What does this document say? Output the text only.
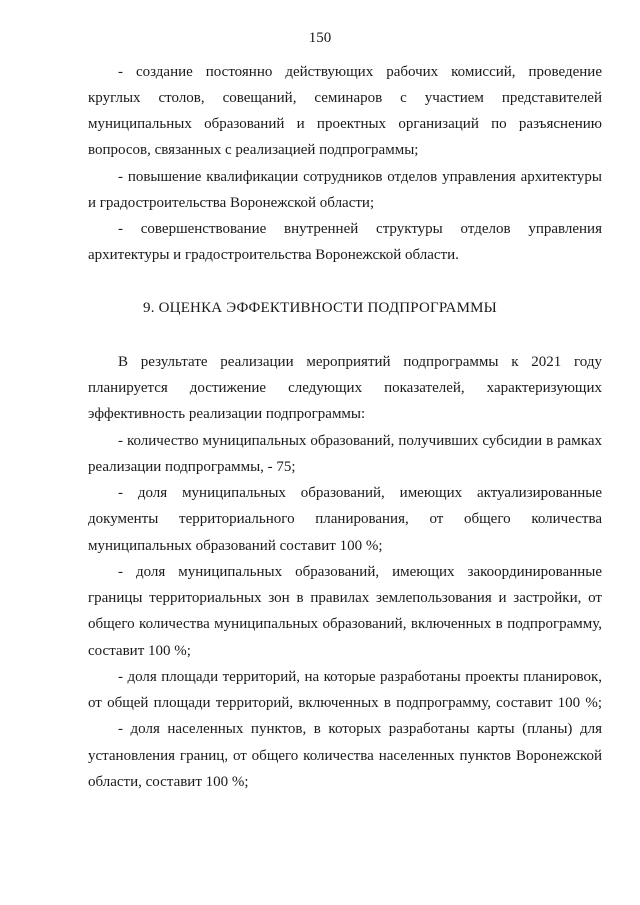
150
- создание постоянно действующих рабочих комиссий, проведение
круглых столов, совещаний, семинаров с участием представителей
муниципальных образований и проектных организаций по разъяснению
вопросов, связанных с реализацией подпрограммы;
- повышение квалификации сотрудников отделов управления архитектуры
и градостроительства Воронежской области;
- совершенствование внутренней структуры отделов управления
архитектуры и градостроительства Воронежской области.
9. ОЦЕНКА ЭФФЕКТИВНОСТИ ПОДПРОГРАММЫ
В результате реализации мероприятий подпрограммы к 2021 году
планируется достижение следующих показателей, характеризующих
эффективность реализации подпрограммы:
- количество муниципальных образований, получивших субсидии в рамках
реализации подпрограммы, - 75;
- доля муниципальных образований, имеющих актуализированные
документы территориального планирования, от общего количества
муниципальных образований составит 100 %;
- доля муниципальных образований, имеющих закоординированные
границы территориальных зон в правилах землепользования и застройки, от
общего количества муниципальных образований, включенных в подпрограмму,
составит 100 %;
- доля площади территорий, на которые разработаны проекты планировок,
от общей площади территорий, включенных в подпрограмму, составит 100 %;
- доля населенных пунктов, в которых разработаны карты (планы) для
установления границ, от общего количества населенных пунктов Воронежской
области, составит 100 %;
